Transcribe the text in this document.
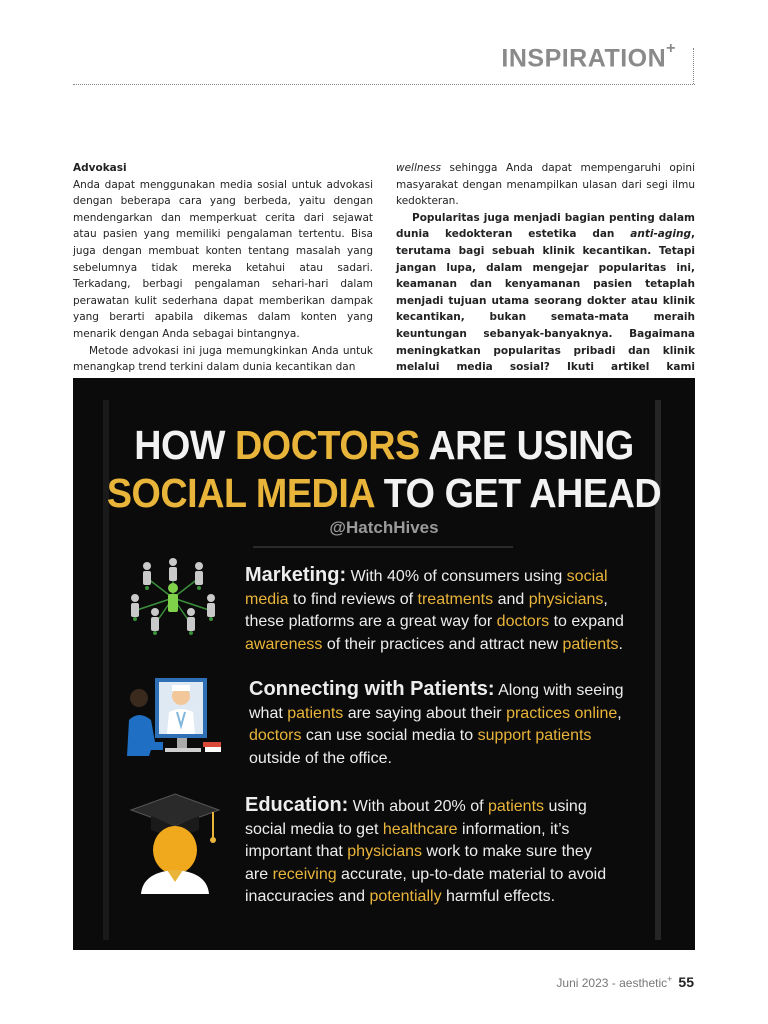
INSPIRATION+

Advokasi

Anda dapat menggunakan media sosial untuk advokasi dengan beberapa cara yang berbeda, yaitu dengan mendengarkan dan memperkuat cerita dari sejawat atau pasien yang memiliki pengalaman tertentu. Bisa juga dengan membuat konten tentang masalah yang sebelumnya tidak mereka ketahui atau sadari. Terkadang, berbagi pengalaman sehari-hari dalam perawatan kulit sederhana dapat memberikan dampak yang berarti apabila dikemas dalam konten yang menarik dengan Anda sebagai bintangnya.

Metode advokasi ini juga memungkinkan Anda untuk menangkap trend terkini dalam dunia kecantikan dan

wellness sehingga Anda dapat mempengaruhi opini masyarakat dengan menampilkan ulasan dari segi ilmu kedokteran.

Popularitas juga menjadi bagian penting dalam dunia kedokteran estetika dan anti-aging, terutama bagi sebuah klinik kecantikan. Tetapi jangan lupa, dalam mengejar popularitas ini, keamanan dan kenyamanan pasien tetaplah menjadi tujuan utama seorang dokter atau klinik kecantikan, bukan semata-mata meraih keuntungan sebanyak-banyaknya. Bagaimana meningkatkan popularitas pribadi dan klinik melalui media sosial? Ikuti artikel kami

HOW DOCTORS ARE USING
SOCIAL MEDIA TO GET AHEAD
@HatchHives
Marketing: With 40% of consumers using social
media to find reviews of treatments and physicians,
these platforms are a great way for doctors to expand
awareness of their practices and attract new patients.
Connecting with Patients: Along with seeing
what patients are saying about their practices online,
doctors can use social media to support patients
outside of the office.
Education: With about 20% of patients using
social media to get healthcare information, it’s
important that physicians work to make sure they
are receiving accurate, up-to-date material to avoid
inaccuracies and potentially harmful effects.
Juni 2023 - aesthetic+ 55
